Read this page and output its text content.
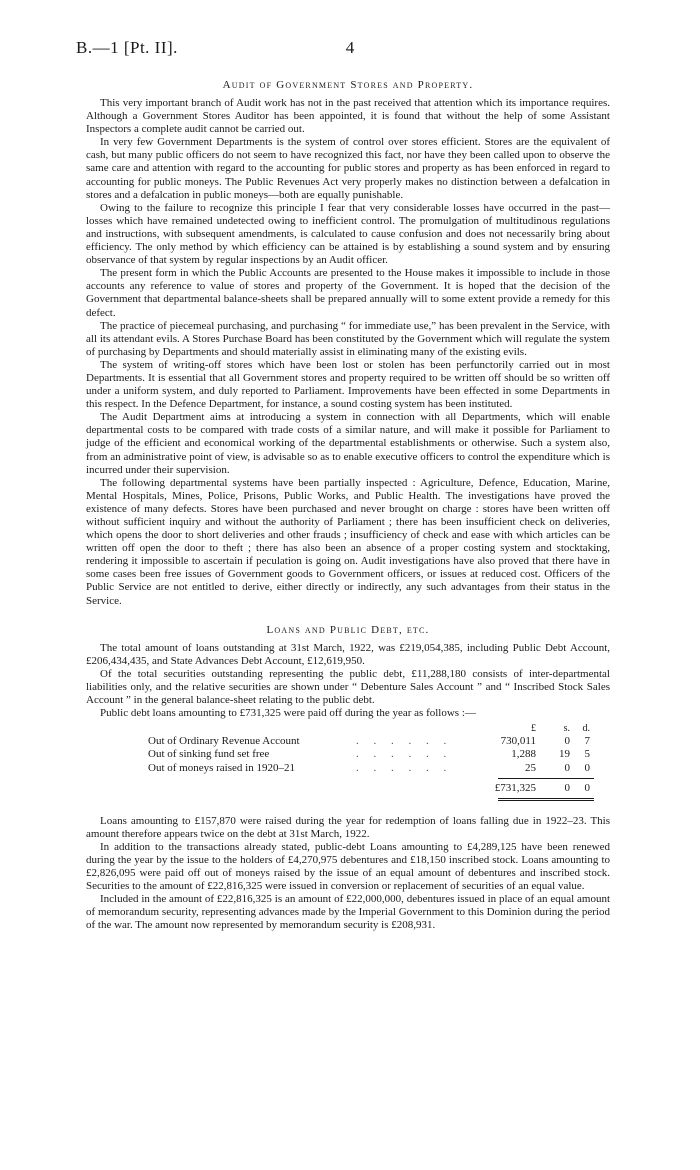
B.—1 [Pt. II].	4
Audit of Government Stores and Property.

This very important branch of Audit work has not in the past received that attention which its importance requires. Although a Government Stores Auditor has been appointed, it is found that without the help of some Assistant Inspectors a complete audit cannot be carried out.

In very few Government Departments is the system of control over stores efficient. Stores are the equivalent of cash, but many public officers do not seem to have recognized this fact, nor have they been called upon to observe the same care and attention with regard to the accounting for public stores and property as has been enforced in regard to accounting for public moneys. The Public Revenues Act very properly makes no distinction between a defalcation in stores and a defalcation in public moneys—both are equally punishable.

Owing to the failure to recognize this principle I fear that very considerable losses have occurred in the past—losses which have remained undetected owing to inefficient control. The promulgation of multitudinous regulations and instructions, with subsequent amendments, is calculated to cause confusion and does not necessarily bring about efficiency. The only method by which efficiency can be attained is by establishing a sound system and by ensuring observance of that system by regular inspections by an Audit officer.

The present form in which the Public Accounts are presented to the House makes it impossible to include in those accounts any reference to value of stores and property of the Government. It is hoped that the decision of the Government that departmental balance-sheets shall be prepared annually will to some extent provide a remedy for this defect.

The practice of piecemeal purchasing, and purchasing “ for immediate use,” has been prevalent in the Service, with all its attendant evils. A Stores Purchase Board has been constituted by the Government which will regulate the system of purchasing by Departments and should materially assist in eliminating many of the existing evils.

The system of writing-off stores which have been lost or stolen has been perfunctorily carried out in most Departments. It is essential that all Government stores and property required to be written off should be so written off under a uniform system, and duly reported to Parliament. Improvements have been effected in some Departments in this respect. In the Defence Department, for instance, a sound costing system has been instituted.

The Audit Department aims at introducing a system in connection with all Departments, which will enable departmental costs to be compared with trade costs of a similar nature, and will make it possible for Parliament to judge of the efficient and economical working of the departmental establishments or otherwise. Such a system also, from an administrative point of view, is advisable so as to enable executive officers to control the expenditure which is incurred under their supervision.

The following departmental systems have been partially inspected : Agriculture, Defence, Education, Marine, Mental Hospitals, Mines, Police, Prisons, Public Works, and Public Health. The investigations have proved the existence of many defects. Stores have been purchased and never brought on charge : stores have been written off without sufficient inquiry and without the authority of Parliament ; there has been insufficient check on deliveries, which opens the door to short deliveries and other frauds ; insufficiency of check and ease with which articles can be written off open the door to theft ; there has also been an absence of a proper costing system and stocktaking, rendering it impossible to ascertain if peculation is going on. Audit investigations have also proved that there have in some cases been free issues of Government goods to Government officers, or issues at reduced cost. Officers of the Public Service are not entitled to derive, either directly or indirectly, any such advantages from their status in the Service.

Loans and Public Debt, etc.

The total amount of loans outstanding at 31st March, 1922, was £219,054,385, including Public Debt Account, £206,434,435, and State Advances Debt Account, £12,619,950.

Of the total securities outstanding representing the public debt, £11,288,180 consists of inter-departmental liabilities only, and the relative securities are shown under “ Debenture Sales Account ” and “ Inscribed Stock Sales Account ” in the general balance-sheet relating to the public debt.

Public debt loans amounting to £731,325 were paid off during the year as follows :—

£	s.	d.
Out of Ordinary Revenue Account	. . . . . .	730,011	0	7
Out of sinking fund set free	. . . . . .	1,288	19	5
Out of moneys raised in 1920–21	. . . . . .	25	0	0
£731,325	0	0

Loans amounting to £157,870 were raised during the year for redemption of loans falling due in 1922–23. This amount therefore appears twice on the debt at 31st March, 1922.

In addition to the transactions already stated, public-debt Loans amounting to £4,289,125 have been renewed during the year by the issue to the holders of £4,270,975 debentures and £18,150 inscribed stock. Loans amounting to £2,826,095 were paid off out of moneys raised by the issue of an equal amount of debentures and inscribed stock. Securities to the amount of £22,816,325 were issued in conversion or replacement of securities of an equal value.

Included in the amount of £22,816,325 is an amount of £22,000,000, debentures issued in place of an equal amount of memorandum security, representing advances made by the Imperial Government to this Dominion during the period of the war. The amount now represented by memorandum security is £208,931.
